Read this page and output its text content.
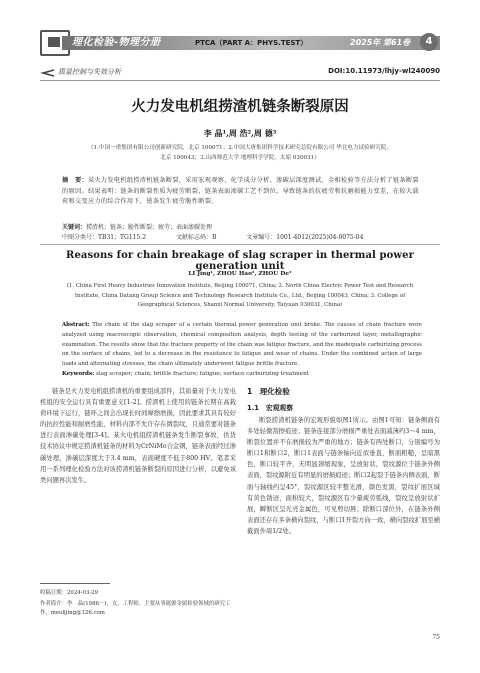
理化检验-物理分册	PTCA（PART A：PHYS.TEST）	2025年 第61卷	4
质量控制与失效分析	DOI:10.11973/lhjy-wl240090
火力发电机组捞渣机链条断裂原因
李 晶¹,周 浩²,周 德³
（1.中国一重集团有限公司创新研究院，北京 100071；2.中国大唐集团科学技术研究总院有限公司 华北电力试验研究院，
北京 100043；3.山西师范大学 地理科学学院，太原 030031）
摘　要：某火力发电机组捞渣机链条断裂，采用宏观观察、化学成分分析、渗碳层深度测试、金相检验等方法分析了链条断裂的原因。结果表明：链条的断裂性质为疲劳断裂，链条表面渗碳工艺不到位，导致链条的抗疲劳和抗磨损能力变差，在较大载荷和交变应力的综合作用下，链条发生疲劳脆性断裂。
关键词：捞渣机；链条；脆性断裂；疲劳；表面渗碳处理
中图分类号：TB31；TG115.2	文献标志码：B	文章编号：1001-4012(2025)04-0075-04
Reasons for chain breakage of slag scraper in thermal power generation unit
LI Jing¹, ZHOU Hao², ZHOU De³
(1. China First Heavy Industries Innovation Institute, Beijing 100071, China; 2. North China Electric Power Test and Research
Institute, China Datang Group Science and Technology Research Institute Co., Ltd., Beijing 100043, China; 3. College of
Geographical Sciences, Shanxi Normal University, Taiyuan 030031, China)
Abstract: The chain of the slag scraper of a certain thermal power generation unit broke. The causes of chain fracture were analyzed using macroscopic observation, chemical composition analysis, depth testing of the carburized layer, metallographic examination. The results show that the fracture property of the chain was fatigue fracture, and the inadequate carburizing process on the surface of chains, led to a decrease in the resistance to fatigue and wear of chains. Under the combined action of large loads and alternating stresses, the chain ultimately underwent fatigue brittle fracture.
Keywords: slag scraper; chain; brittle fracture; fatigue; surface carburizing treatment
链条是火力发电机组捞渣机的重要组成部件，其质量对于火力发电机组的安全运行具有重要意义[1-2]。捞渣机上使用的链条长期在高载荷环境下运行，链环之间会出现长时间摩擦磨损，因此要求其具有较好的抗拉性能和耐磨性能，材料内部不允许存在微裂纹，且通常要对链条进行表面渗碳处理[3-4]。某火电机组捞渣机链条发生断裂事故，供货技术协议中规定捞渣机链条的材料为CrNiMo合金钢，链条表面经过渗碳处理，渗碳层深度大于3.4 mm，表面硬度不低于800 HV。笔者采用一系列理化检验方法对该捞渣机链条断裂的原因进行分析，以避免该类问题再次发生。
1　理化检验
1.1　宏观观察
断裂捞渣机链条的宏观形貌如图1所示。由图1可知：链条侧面有多处轻微刮擦痕迹；链条连接部分磨损严重处表面减薄约3～4 mm，断裂位置并不在磨损较为严重的地方；链条有两处断口，分别编号为断口1和断口2，断口1表面与链条轴向近似垂直，断面粗糙，呈暗黑色，断口较平齐，无明显颈缩现象，呈放射状，裂纹源位于链条外侧表面，裂纹源附近有明显的磨损痕迹；断口2起裂于链条内侧表面，断面与轴线约呈45°，裂纹源区较平整光滑，颜色发黑，裂纹扩展区域有黄色锈迹，面积较大，裂纹源区有少量疲劳弧线，裂纹呈放射状扩展，瞬断区呈光亮金属色，可见剪切唇；除断口部位外，在链条外侧表面还存在多条横向裂纹，与断口1开裂方向一致，横向裂纹扩展至横截面外周1/2处。
收稿日期：2024-03-29
作者简介：李　晶(1986－)，女，工程师，主要从事能源金属检验领域的研究工作，meolijing@126.com
75
